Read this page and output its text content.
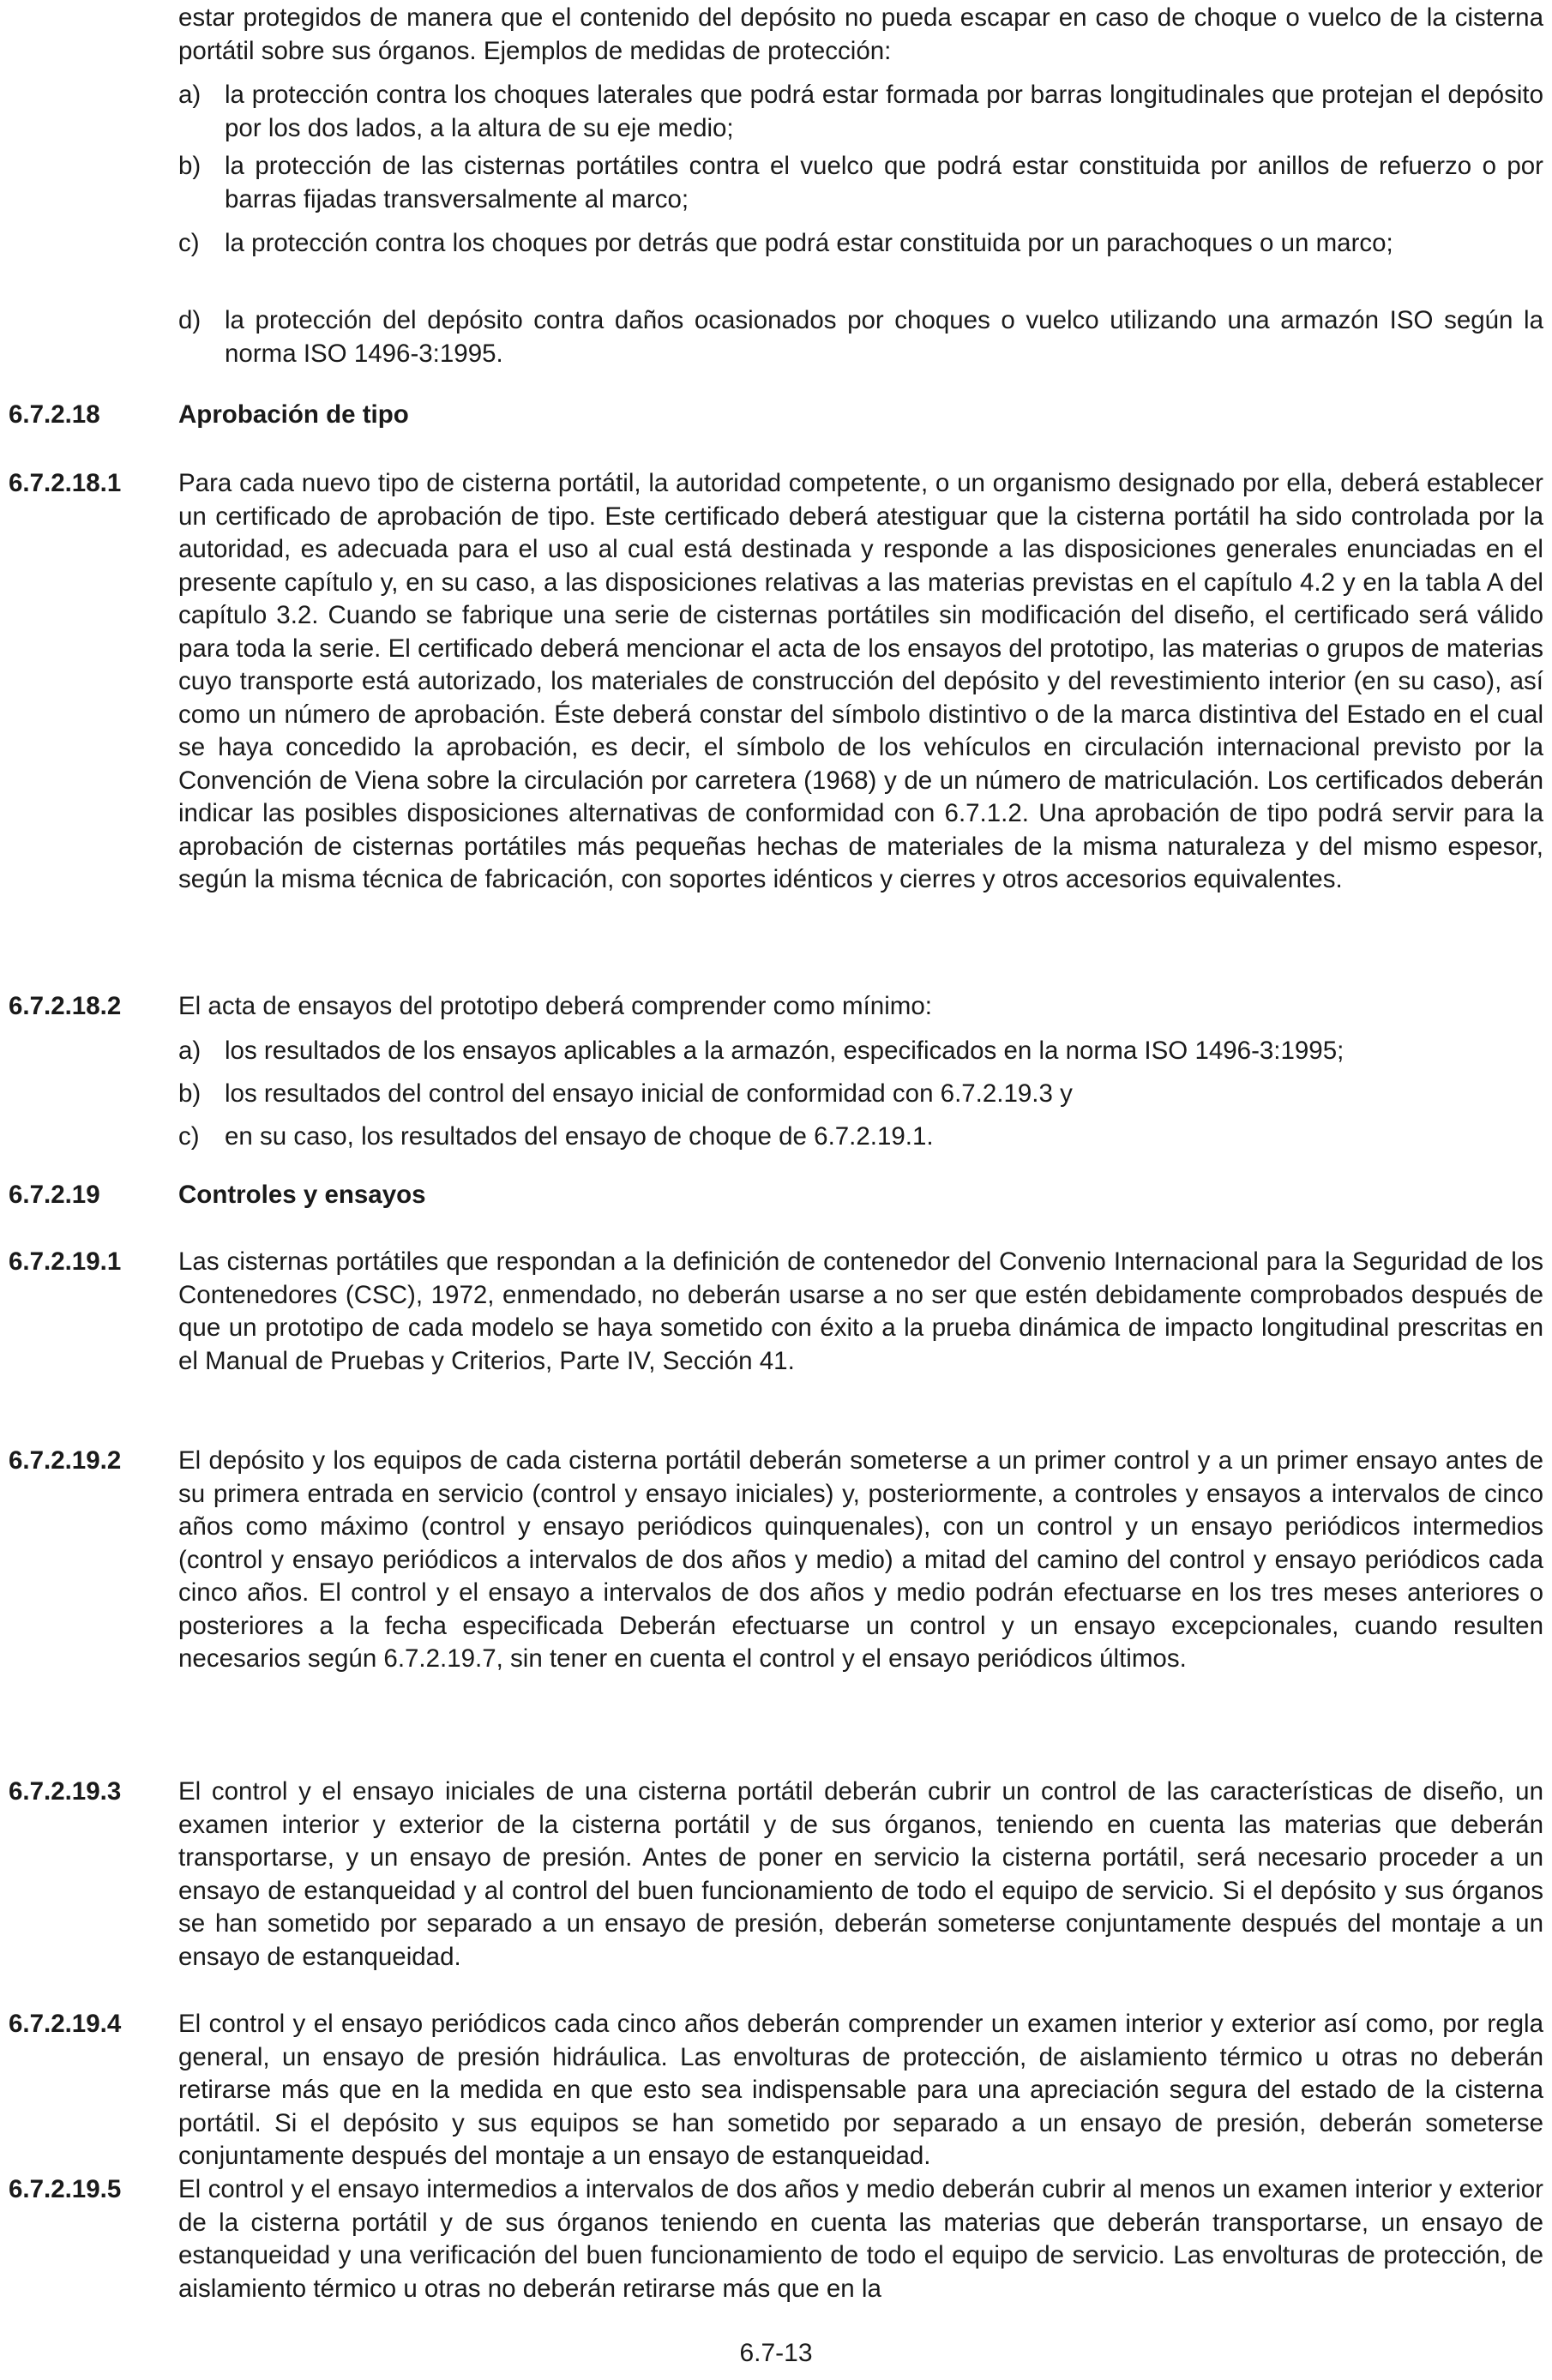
estar protegidos de manera que el contenido del depósito no pueda escapar en caso de choque o vuelco de la cisterna portátil sobre sus órganos. Ejemplos de medidas de protección:
a) la protección contra los choques laterales que podrá estar formada por barras longitudinales que protejan el depósito por los dos lados, a la altura de su eje medio;
b) la protección de las cisternas portátiles contra el vuelco que podrá estar constituida por anillos de refuerzo o por barras fijadas transversalmente al marco;
c) la protección contra los choques por detrás que podrá estar constituida por un parachoques o un marco;
d) la protección del depósito contra daños ocasionados por choques o vuelco utilizando una armazón ISO según la norma ISO 1496-3:1995.
6.7.2.18	Aprobación de tipo
6.7.2.18.1	Para cada nuevo tipo de cisterna portátil, la autoridad competente, o un organismo designado por ella, deberá establecer un certificado de aprobación de tipo. Este certificado deberá atestiguar que la cisterna portátil ha sido controlada por la autoridad, es adecuada para el uso al cual está destinada y responde a las disposiciones generales enunciadas en el presente capítulo y, en su caso, a las disposiciones relativas a las materias previstas en el capítulo 4.2 y en la tabla A del capítulo 3.2. Cuando se fabrique una serie de cisternas portátiles sin modificación del diseño, el certificado será válido para toda la serie. El certificado deberá mencionar el acta de los ensayos del prototipo, las materias o grupos de materias cuyo transporte está autorizado, los materiales de construcción del depósito y del revestimiento interior (en su caso), así como un número de aprobación. Éste deberá constar del símbolo distintivo o de la marca distintiva del Estado en el cual se haya concedido la aprobación, es decir, el símbolo de los vehículos en circulación internacional previsto por la Convención de Viena sobre la circulación por carretera (1968) y de un número de matriculación. Los certificados deberán indicar las posibles disposiciones alternativas de conformidad con 6.7.1.2. Una aprobación de tipo podrá servir para la aprobación de cisternas portátiles más pequeñas hechas de materiales de la misma naturaleza y del mismo espesor, según la misma técnica de fabricación, con soportes idénticos y cierres y otros accesorios equivalentes.
6.7.2.18.2	El acta de ensayos del prototipo deberá comprender como mínimo:
a) los resultados de los ensayos aplicables a la armazón, especificados en la norma ISO 1496-3:1995;
b) los resultados del control del ensayo inicial de conformidad con 6.7.2.19.3 y
c) en su caso, los resultados del ensayo de choque de 6.7.2.19.1.
6.7.2.19	Controles y ensayos
6.7.2.19.1	Las cisternas portátiles que respondan a la definición de contenedor del Convenio Internacional para la Seguridad de los Contenedores (CSC), 1972, enmendado, no deberán usarse a no ser que estén debidamente comprobados después de que un prototipo de cada modelo se haya sometido con éxito a la prueba dinámica de impacto longitudinal prescritas en el Manual de Pruebas y Criterios, Parte IV, Sección 41.
6.7.2.19.2	El depósito y los equipos de cada cisterna portátil deberán someterse a un primer control y a un primer ensayo antes de su primera entrada en servicio (control y ensayo iniciales) y, posteriormente, a controles y ensayos a intervalos de cinco años como máximo (control y ensayo periódicos quinquenales), con un control y un ensayo periódicos intermedios (control y ensayo periódicos a intervalos de dos años y medio) a mitad del camino del control y ensayo periódicos cada cinco años. El control y el ensayo a intervalos de dos años y medio podrán efectuarse en los tres meses anteriores o posteriores a la fecha especificada Deberán efectuarse un control y un ensayo excepcionales, cuando resulten necesarios según 6.7.2.19.7, sin tener en cuenta el control y el ensayo periódicos últimos.
6.7.2.19.3	El control y el ensayo iniciales de una cisterna portátil deberán cubrir un control de las características de diseño, un examen interior y exterior de la cisterna portátil y de sus órganos, teniendo en cuenta las materias que deberán transportarse, y un ensayo de presión. Antes de poner en servicio la cisterna portátil, será necesario proceder a un ensayo de estanqueidad y al control del buen funcionamiento de todo el equipo de servicio. Si el depósito y sus órganos se han sometido por separado a un ensayo de presión, deberán someterse conjuntamente después del montaje a un ensayo de estanqueidad.
6.7.2.19.4	El control y el ensayo periódicos cada cinco años deberán comprender un examen interior y exterior así como, por regla general, un ensayo de presión hidráulica. Las envolturas de protección, de aislamiento térmico u otras no deberán retirarse más que en la medida en que esto sea indispensable para una apreciación segura del estado de la cisterna portátil. Si el depósito y sus equipos se han sometido por separado a un ensayo de presión, deberán someterse conjuntamente después del montaje a un ensayo de estanqueidad.
6.7.2.19.5	El control y el ensayo intermedios a intervalos de dos años y medio deberán cubrir al menos un examen interior y exterior de la cisterna portátil y de sus órganos teniendo en cuenta las materias que deberán transportarse, un ensayo de estanqueidad y una verificación del buen funcionamiento de todo el equipo de servicio. Las envolturas de protección, de aislamiento térmico u otras no deberán retirarse más que en la
6.7-13
